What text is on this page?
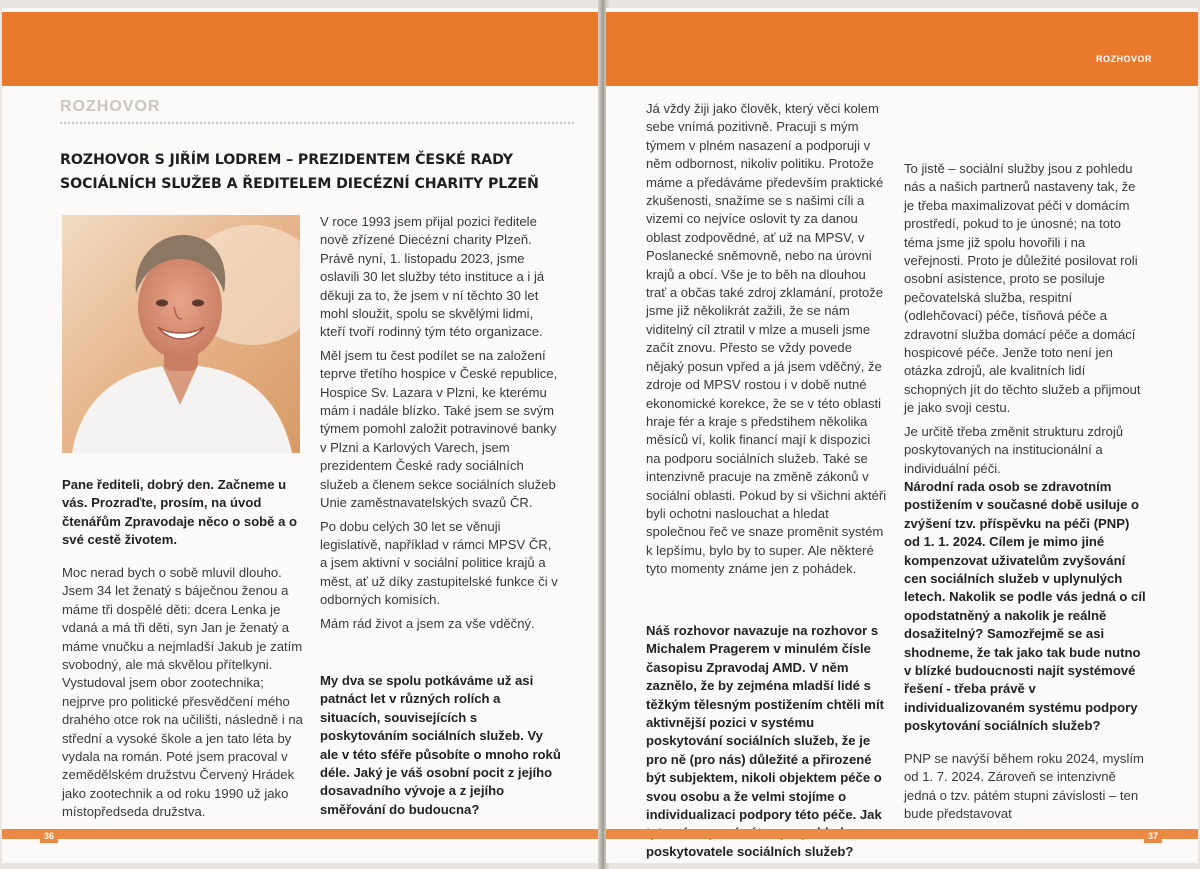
ROZHOVOR
ROZHOVOR S JIŘÍM LODREM – PREZIDENTEM ČESKÉ RADY SOCIÁLNÍCH SLUŽEB A ŘEDITELEM DIECÉZNÍ CHARITY PLZEŇ

Pane řediteli, dobrý den. Začneme u vás. Prozraďte, prosím, na úvod čtenářům Zpravodaje něco o sobě a o své cestě životem.

Moc nerad bych o sobě mluvil dlouho. Jsem 34 let ženatý s báječnou ženou a máme tři dospělé děti: dcera Lenka je vdaná a má tři děti, syn Jan je ženatý a máme vnučku a nejmladší Jakub je zatím svobodný, ale má skvělou přítelkyni. Vystudoval jsem obor zootechnika; nejprve pro politické přesvědčení mého drahého otce rok na učilišti, následně i na střední a vysoké škole a jen tato léta by vydala na román. Poté jsem pracoval v zemědělském družstvu Červený Hrádek jako zootechnik a od roku 1990 už jako místopředseda družstva.

V roce 1993 jsem přijal pozici ředitele nově zřízené Diecézní charity Plzeň. Právě nyní, 1. listopadu 2023, jsme oslavili 30 let služby této instituce a i já děkuji za to, že jsem v ní těchto 30 let mohl sloužit, spolu se skvělými lidmi, kteří tvoří rodinný tým této organizace.

Měl jsem tu čest podílet se na založení teprve třetího hospice v České republice, Hospice Sv. Lazara v Plzni, ke kterému mám i nadále blízko. Také jsem se svým týmem pomohl založit potravinové banky v Plzni a Karlových Varech, jsem prezidentem České rady sociálních služeb a členem sekce sociálních služeb Unie zaměstnavatelských svazů ČR.

Po dobu celých 30 let se věnuji legislativě, například v rámci MPSV ČR, a jsem aktivní v sociální politice krajů a měst, ať už díky zastupitelské funkce či v odborných komisích.

Mám rád život a jsem za vše vděčný.

My dva se spolu potkáváme už asi patnáct let v různých rolích a situacích, souvisejících s poskytováním sociálních služeb. Vy ale v této sféře působíte o mnoho roků déle. Jaký je váš osobní pocit z jejího dosavadního vývoje a z jejího směřování do budoucna?

36
ROZHOVOR

Já vždy žiji jako člověk, který věci kolem sebe vnímá pozitivně. Pracuji s mým týmem v plném nasazení a podporuji v něm odbornost, nikoliv politiku. Protože máme a předáváme především praktické zkušenosti, snažíme se s našimi cíli a vizemi co nejvíce oslovit ty za danou oblast zodpovědné, ať už na MPSV, v Poslanecké sněmovně, nebo na úrovni krajů a obcí. Vše je to běh na dlouhou trať a občas také zdroj zklamání, protože jsme již několikrát zažili, že se nám viditelný cíl ztratil v mlze a museli jsme začít znovu. Přesto se vždy povede nějaký posun vpřed a já jsem vděčný, že zdroje od MPSV rostou i v době nutné ekonomické korekce, že se v této oblasti hraje fér a kraje s předstihem několika měsíců ví, kolik financí mají k dispozici na podporu sociálních služeb. Také se intenzivně pracuje na změně zákonů v sociální oblasti. Pokud by si všichni aktéři byli ochotni naslouchat a hledat společnou řeč ve snaze proměnit systém k lepšímu, bylo by to super. Ale některé tyto momenty známe jen z pohádek.

Náš rozhovor navazuje na rozhovor s Michalem Pragerem v minulém čísle časopisu Zpravodaj AMD. V něm zaznělo, že by zejména mladší lidé s těžkým tělesným postižením chtěli mít aktivnější pozici v systému poskytování sociálních služeb, že je pro ně (pro nás) důležité a přirozené být subjektem, nikoli objektem péče o svou osobu a že velmi stojíme o individualizaci podpory této péče. Jak poskytovatele sociálních služeb?

To jistě – sociální služby jsou z pohledu nás a našich partnerů nastaveny tak, že je třeba maximalizovat péči v domácím prostředí, pokud to je únosné; na toto téma jsme již spolu hovořili i na veřejnosti. Proto je důležité posilovat roli osobní asistence, proto se posiluje pečovatelská služba, respitní (odlehčovací) péče, tísňová péče a zdravotní služba domácí péče a domácí hospicové péče. Jenže toto není jen otázka zdrojů, ale kvalitních lidí schopných jít do těchto služeb a přijmout je jako svoji cestu.

Je určitě třeba změnit strukturu zdrojů poskytovaných na institucionální a individuální péči.

Národní rada osob se zdravotním postižením v současné době usiluje o zvýšení tzv. příspěvku na péči (PNP) od 1. 1. 2024. Cílem je mimo jiné kompenzovat uživatelům zvyšování cen sociálních služeb v uplynulých letech. Nakolik se podle vás jedná o cíl opodstatněný a nakolik je reálně dosažitelný? Samozřejmě se asi shodneme, že tak jako tak bude nutno v blízké budoucnosti najít systémové řešení - třeba právě v individualizovaném systému podpory poskytování sociálních služeb?

PNP se navýší během roku 2024, myslím od 1. 7. 2024. Zároveň se intenzivně jedná o tzv. pátém stupni závislosti – ten bude představovat

37
